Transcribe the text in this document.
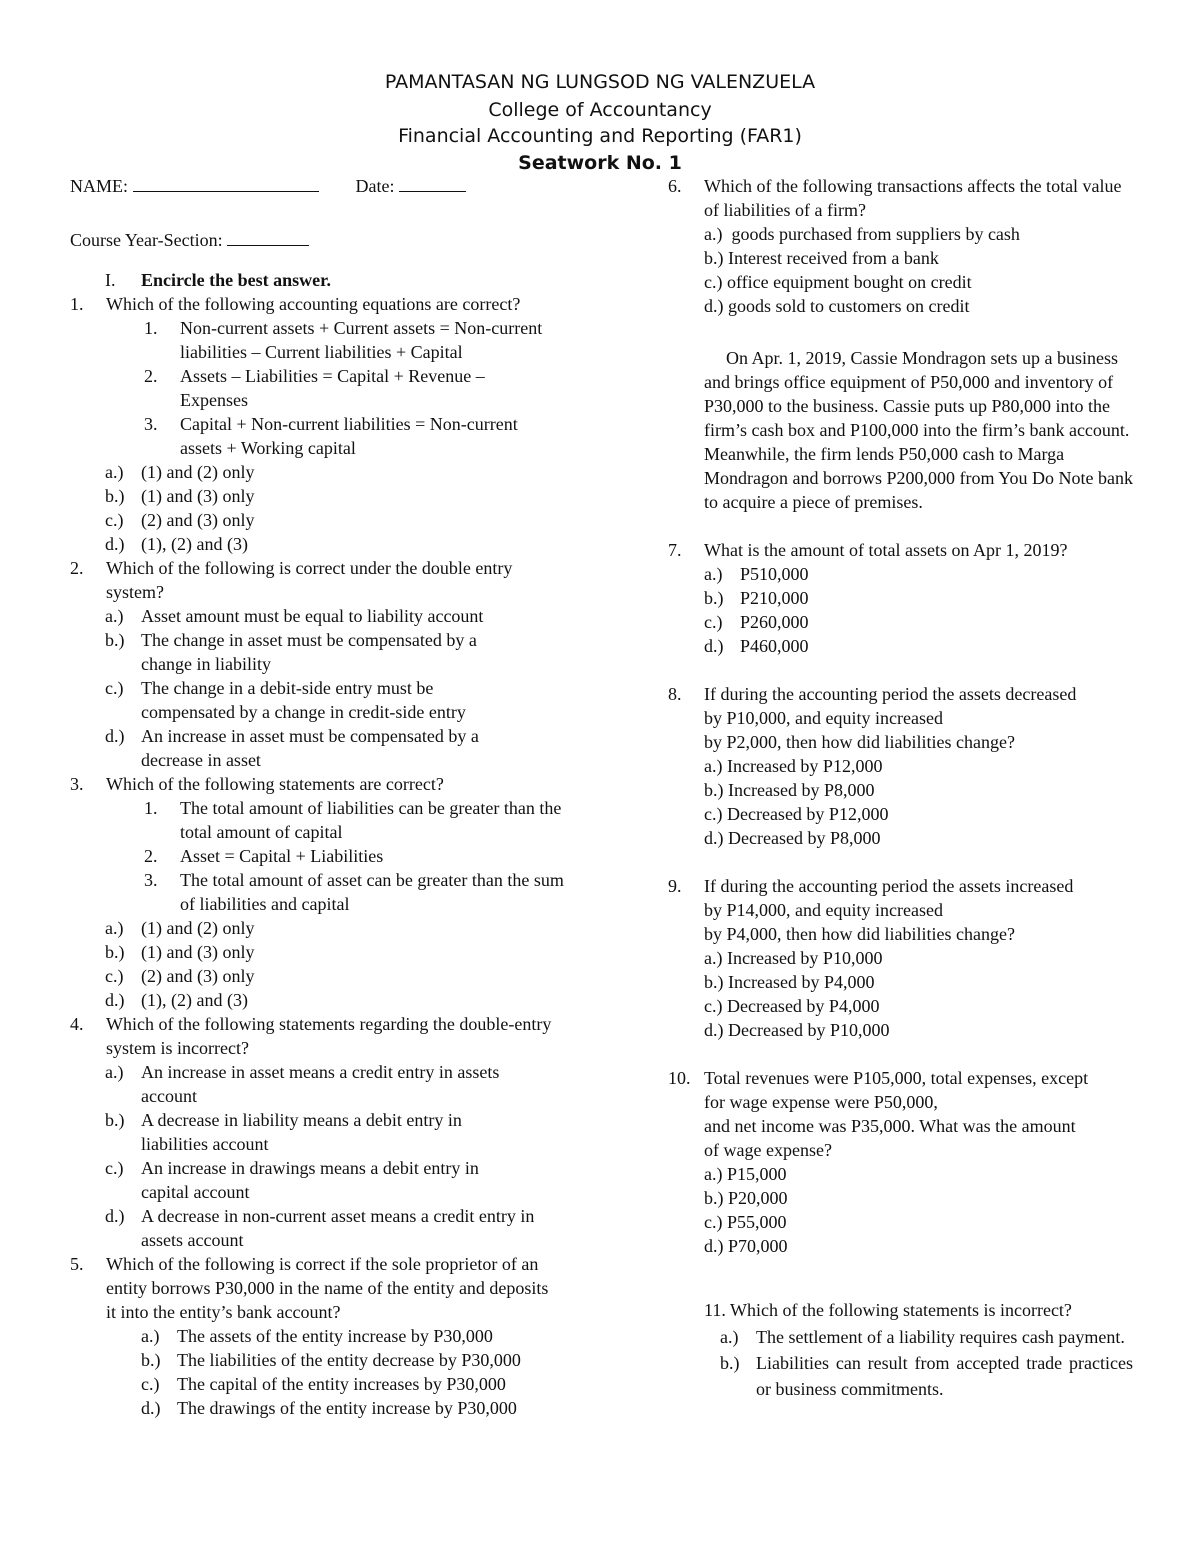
PAMANTASAN NG LUNGSOD NG VALENZUELA
College of Accountancy
Financial Accounting and Reporting (FAR1)
Seatwork No. 1
NAME:	Date:
Course Year-Section:
I. Encircle the best answer.
1.	Which of the following accounting equations are correct?
1.	Non-current assets + Current assets = Non-current liabilities – Current liabilities + Capital
2.	Assets – Liabilities = Capital + Revenue – Expenses
3.	Capital + Non-current liabilities = Non-current assets + Working capital
a.) (1) and (2) only
b.) (1) and (3) only
c.) (2) and (3) only
d.) (1), (2) and (3)
2.	Which of the following is correct under the double entry system?
a.) Asset amount must be equal to liability account
b.) The change in asset must be compensated by a change in liability
c.) The change in a debit-side entry must be compensated by a change in credit-side entry
d.) An increase in asset must be compensated by a decrease in asset
3.	Which of the following statements are correct?
1.	The total amount of liabilities can be greater than the total amount of capital
2.	Asset = Capital + Liabilities
3.	The total amount of asset can be greater than the sum of liabilities and capital
a.) (1) and (2) only
b.) (1) and (3) only
c.) (2) and (3) only
d.) (1), (2) and (3)
4.	Which of the following statements regarding the double-entry system is incorrect?
a.) An increase in asset means a credit entry in assets account
b.) A decrease in liability means a debit entry in liabilities account
c.) An increase in drawings means a debit entry in capital account
d.) A decrease in non-current asset means a credit entry in assets account
5.	Which of the following is correct if the sole proprietor of an entity borrows P30,000 in the name of the entity and deposits it into the entity’s bank account?
a.) The assets of the entity increase by P30,000
b.) The liabilities of the entity decrease by P30,000
c.) The capital of the entity increases by P30,000
d.) The drawings of the entity increase by P30,000
6.	Which of the following transactions affects the total value of liabilities of a firm?
a.)  goods purchased from suppliers by cash
b.) Interest received from a bank
c.) office equipment bought on credit
d.) goods sold to customers on credit
On Apr. 1, 2019, Cassie Mondragon sets up a business and brings office equipment of P50,000 and inventory of P30,000 to the business. Cassie puts up P80,000 into the firm’s cash box and P100,000 into the firm’s bank account. Meanwhile, the firm lends P50,000 cash to Marga Mondragon and borrows P200,000 from You Do Note bank to acquire a piece of premises.
7.	What is the amount of total assets on Apr 1, 2019?
a.) P510,000
b.) P210,000
c.) P260,000
d.) P460,000
8.	If during the accounting period the assets decreased
by P10,000, and equity increased
by P2,000, then how did liabilities change?
a.) Increased by P12,000
b.) Increased by P8,000
c.) Decreased by P12,000
d.) Decreased by P8,000
9.	If during the accounting period the assets increased
by P14,000, and equity increased
by P4,000, then how did liabilities change?
a.) Increased by P10,000
b.) Increased by P4,000
c.) Decreased by P4,000
d.) Decreased by P10,000
10. Total revenues were P105,000, total expenses, except
for wage expense were P50,000,
and net income was P35,000. What was the amount
of wage expense?
a.) P15,000
b.) P20,000
c.) P55,000
d.) P70,000
11. Which of the following statements is incorrect?
a.) The settlement of a liability requires cash payment.
b.) Liabilities can result from accepted trade practices or business commitments.
